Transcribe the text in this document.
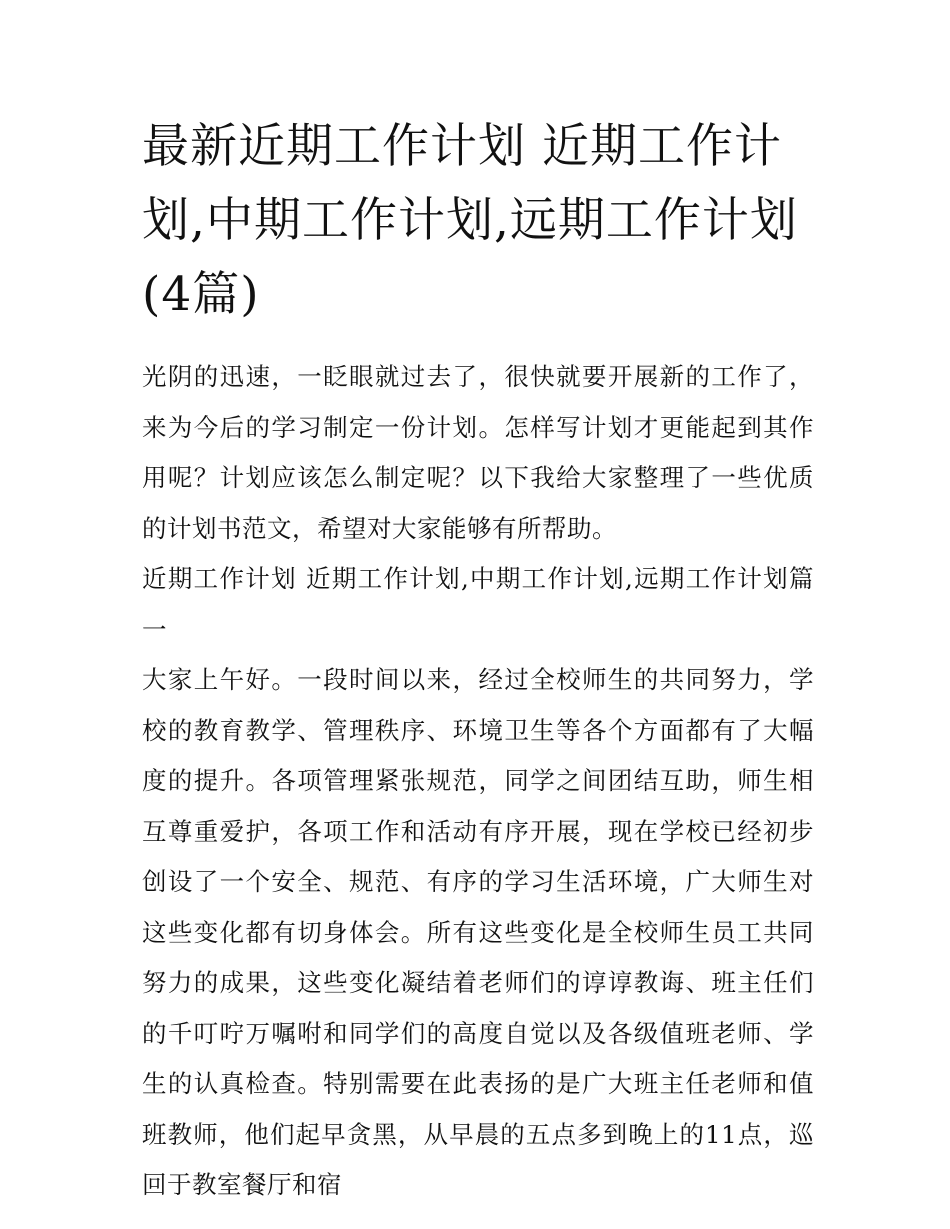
最新近期工作计划 近期工作计划,中期工作计划,远期工作计划(4篇)

光阴的迅速，一眨眼就过去了，很快就要开展新的工作了，来为今后的学习制定一份计划。怎样写计划才更能起到其作用呢？计划应该怎么制定呢？以下我给大家整理了一些优质的计划书范文，希望对大家能够有所帮助。

近期工作计划 近期工作计划,中期工作计划,远期工作计划篇一

大家上午好。一段时间以来，经过全校师生的共同努力，学校的教育教学、管理秩序、环境卫生等各个方面都有了大幅度的提升。各项管理紧张规范，同学之间团结互助，师生相互尊重爱护，各项工作和活动有序开展，现在学校已经初步创设了一个安全、规范、有序的学习生活环境，广大师生对这些变化都有切身体会。所有这些变化是全校师生员工共同努力的成果，这些变化凝结着老师们的谆谆教诲、班主任们的千叮咛万嘱咐和同学们的高度自觉以及各级值班老师、学生的认真检查。特别需要在此表扬的是广大班主任老师和值班教师，他们起早贪黑，从早晨的五点多到晚上的11点，巡回于教室餐厅和宿
